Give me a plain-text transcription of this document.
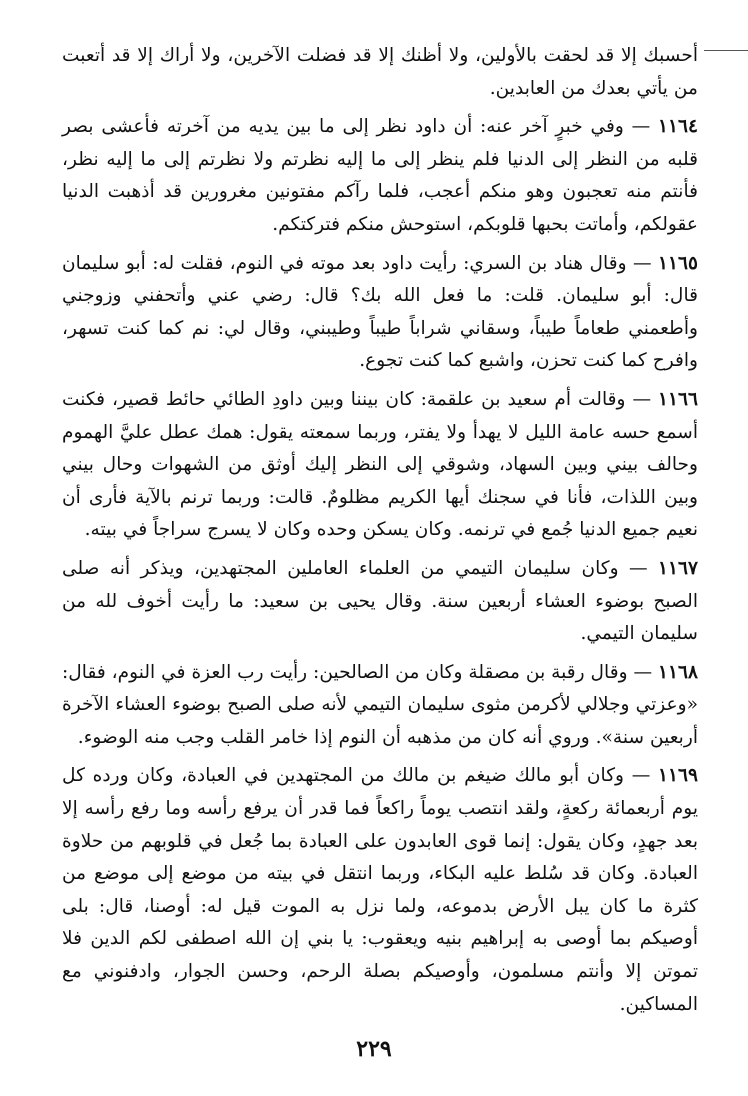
أحسبك إلا قد لحقت بالأولين، ولا أظنك إلا قد فضلت الآخرين، ولا أراك إلا قد أتعبت من يأتي بعدك من العابدين.

١١٦٤ — وفي خبرٍ آخر عنه: أن داود نظر إلى ما بين يديه من آخرته فأعشى بصر قلبه من النظر إلى الدنيا فلم ينظر إلى ما إليه نظرتم ولا نظرتم إلى ما إليه نظر، فأنتم منه تعجبون وهو منكم أعجب، فلما رآكم مفتونين مغرورين قد أذهبت الدنيا عقولكم، وأماتت بحبها قلوبكم، استوحش منكم فتركتكم.

١١٦٥ — وقال هناد بن السري: رأيت داود بعد موته في النوم، فقلت له: أبو سليمان قال: أبو سليمان. قلت: ما فعل الله بك؟ قال: رضي عني وأتحفني وزوجني وأطعمني طعاماً طيباً، وسقاني شراباً طيباً وطيبني، وقال لي: نم كما كنت تسهر، وافرح كما كنت تحزن، واشبع كما كنت تجوع.

١١٦٦ — وقالت أم سعيد بن علقمة: كان بيننا وبين داودِ الطائي حائط قصير، فكنت أسمع حسه عامة الليل لا يهدأ ولا يفتر، وربما سمعته يقول: همك عطل عليَّ الهموم وحالف بيني وبين السهاد، وشوقي إلى النظر إليك أوثق من الشهوات وحال بيني وبين اللذات، فأنا في سجنك أيها الكريم مظلومٌ. قالت: وربما ترنم بالآية فأرى أن نعيم جميع الدنيا جُمع في ترنمه. وكان يسكن وحده وكان لا يسرج سراجاً في بيته.

١١٦٧ — وكان سليمان التيمي من العلماء العاملين المجتهدين، ويذكر أنه صلى الصبح بوضوء العشاء أربعين سنة. وقال يحيى بن سعيد: ما رأيت أخوف لله من سليمان التيمي.

١١٦٨ — وقال رقبة بن مصقلة وكان من الصالحين: رأيت رب العزة في النوم، فقال: «وعزتي وجلالي لأكرمن مثوى سليمان التيمي لأنه صلى الصبح بوضوء العشاء الآخرة أربعين سنة». وروي أنه كان من مذهبه أن النوم إذا خامر القلب وجب منه الوضوء.

١١٦٩ — وكان أبو مالك ضيغم بن مالك من المجتهدين في العبادة، وكان ورده كل يوم أربعمائة ركعةٍ، ولقد انتصب يوماً راكعاً فما قدر أن يرفع رأسه وما رفع رأسه إلا بعد جهدٍ، وكان يقول: إنما قوى العابدون على العبادة بما جُعل في قلوبهم من حلاوة العبادة. وكان قد سُلط عليه البكاء، وربما انتقل في بيته من موضع إلى موضع من كثرة ما كان يبل الأرض بدموعه، ولما نزل به الموت قيل له: أوصنا، قال: بلى أوصيكم بما أوصى به إبراهيم بنيه ويعقوب: يا بني إن الله اصطفى لكم الدين فلا تموتن إلا وأنتم مسلمون، وأوصيكم بصلة الرحم، وحسن الجوار، وادفنوني مع المساكين.

٢٢٩
